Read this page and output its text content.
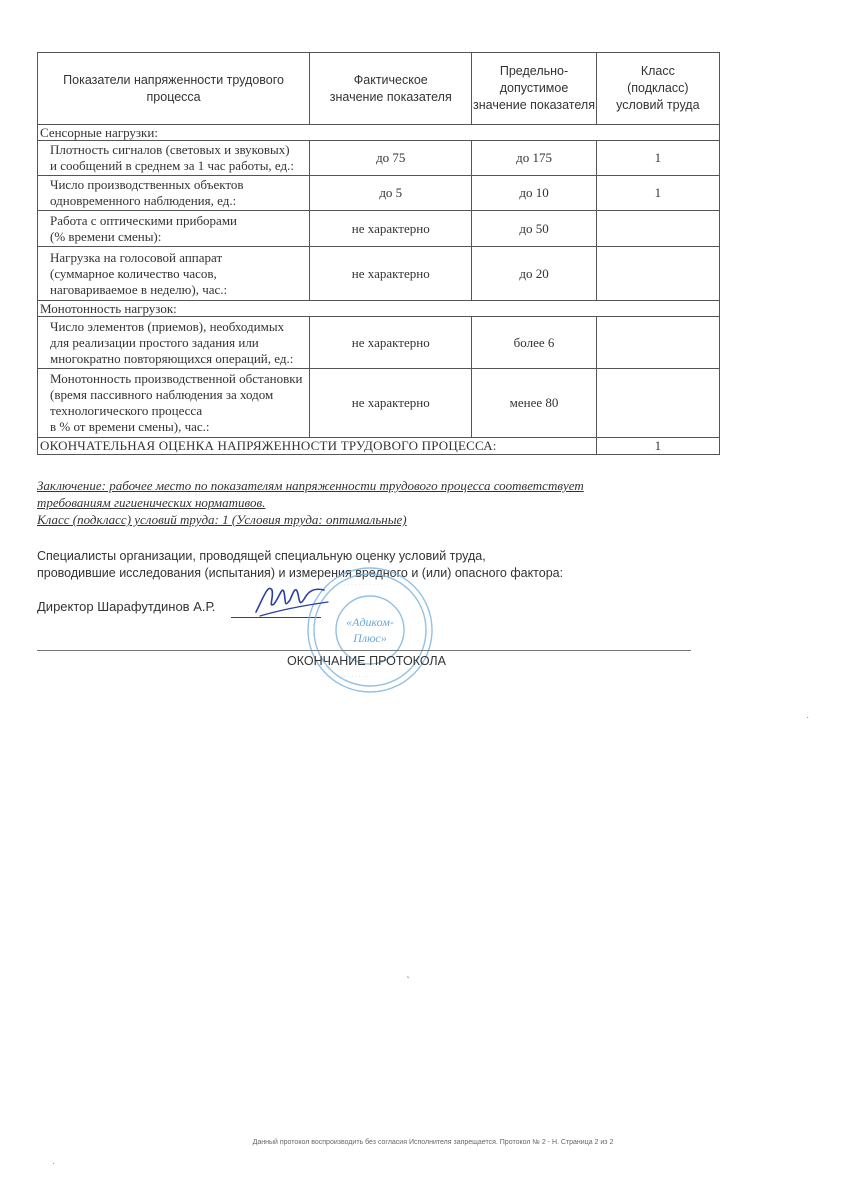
Показатели напряженности трудового процесса	Фактическое значение показателя	Предельно-допустимое значение показателя	Класс (подкласс) условий труда
Сенсорные нагрузки:			
Плотность сигналов (световых и звуковых)
и сообщений в среднем за 1 час работы, ед.:	до 75	до 175	1
Число производственных объектов
одновременного наблюдения, ед.:	до 5	до 10	1
Работа с оптическими приборами
(% времени смены):	не характерно	до 50	
Нагрузка на голосовой аппарат
(суммарное количество часов,
наговариваемое в неделю), час.:	не характерно	до 20	
Монотонность нагрузок:			
Число элементов (приемов), необходимых
для реализации простого задания или
многократно повторяющихся операций, ед.:	не характерно	более 6	
Монотонность производственной обстановки
(время пассивного наблюдения за ходом
технологического процесса
в % от времени смены), час.:	не характерно	менее 80	
ОКОНЧАТЕЛЬНАЯ ОЦЕНКА НАПРЯЖЕННОСТИ ТРУДОВОГО ПРОЦЕССА:			1
Заключение: рабочее место по показателям напряженности трудового процесса соответствует
требованиям гигиенических нормативов.
Класс (подкласс) условий труда: 1 (Условия труда: оптимальные)
Специалисты организации, проводящей специальную оценку условий труда,
проводившие исследования (испытания) и измерения вредного и (или) опасного фактора:
Директор Шарафутдинов А.Р.
· · · · · · · · · · · ·
· · · · · · · · · · · · · ·
·
·
·
·
«Адиком-
Плюс»
ОКОНЧАНИЕ ПРОТОКОЛА
Данный протокол воспроизводить без согласия Исполнителя запрещается. Протокол № 2 - Н. Страница 2 из 2
˛
·
·
